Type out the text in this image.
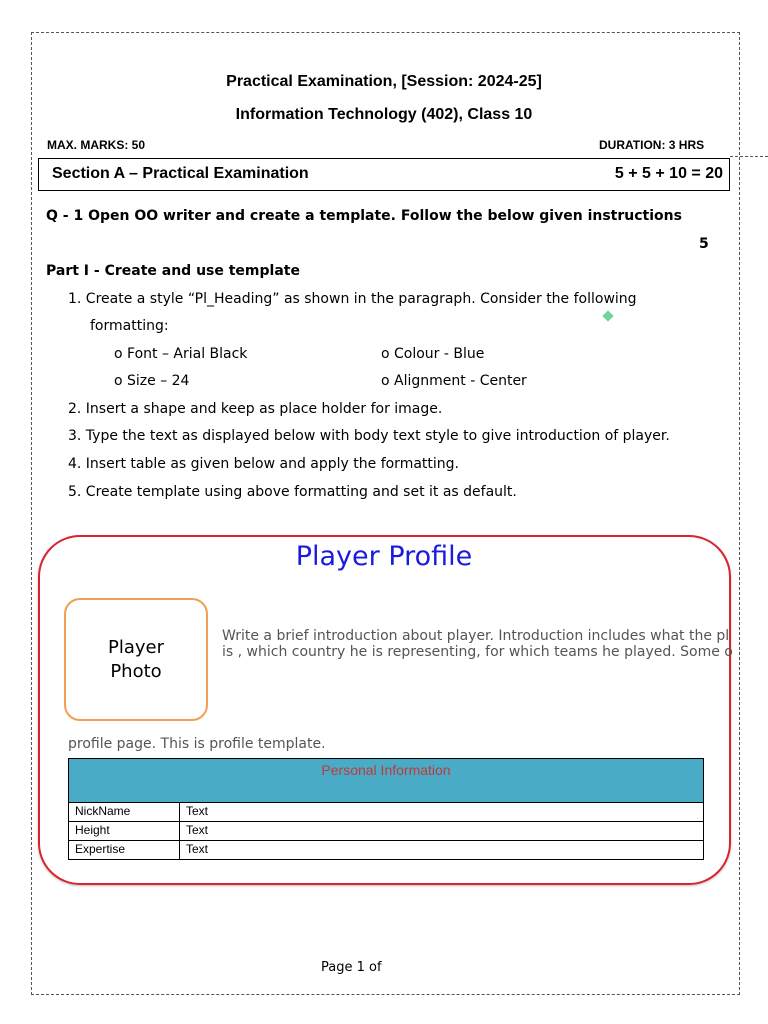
Practical Examination, [Session: 2024-25]
Information Technology (402), Class 10
MAX. MARKS: 50	DURATION: 3 HRS
Section A – Practical Examination	5 + 5 + 10 = 20
Q - 1 Open OO writer and create a template. Follow the below given instructions
5
Part I - Create and use template
1. Create a style “Pl_Heading” as shown in the paragraph. Consider the following
formatting:
o Font – Arial Black	o Colour - Blue
o Size – 24	o Alignment - Center
2. Insert a shape and keep as place holder for image.
3. Type the text as displayed below with body text style to give introduction of player.
4. Insert table as given below and apply the formatting.
5. Create template using above formatting and set it as default.
Player Profile
Player
Photo
Write a brief introduction about player. Introduction includes what the pl
is , which country he is representing, for which teams he played. Some o
profile page. This is profile template.
Personal Information
NickName	Text
Height	Text
Expertise	Text
Page 1 of
